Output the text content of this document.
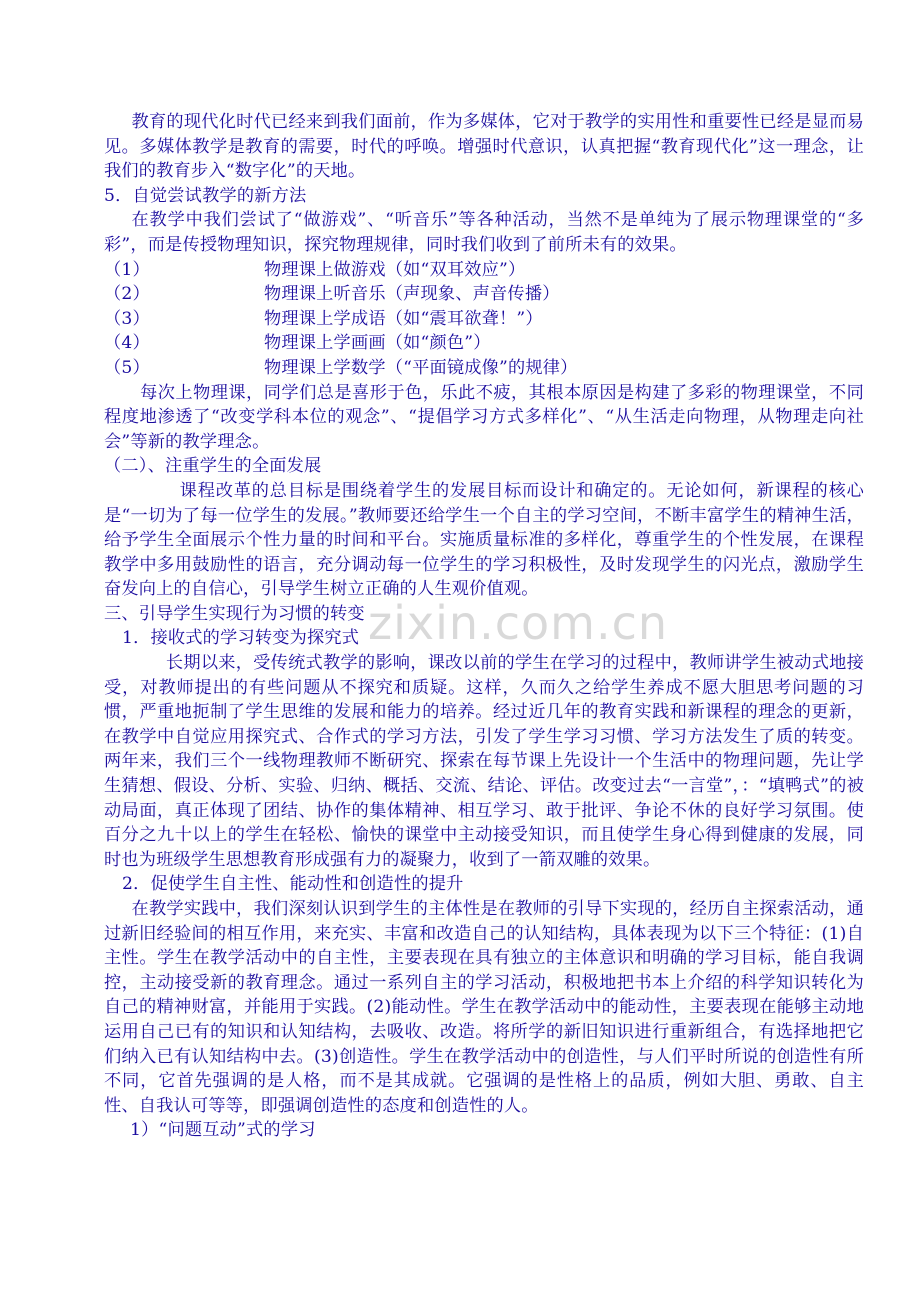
zixin.com.cn

教育的现代化时代已经来到我们面前，作为多媒体，它对于教学的实用性和重要性已经是显而易见。多媒体教学是教育的需要，时代的呼唤。增强时代意识，认真把握“教育现代化”这一理念，让我们的教育步入“数字化”的天地。

5．自觉尝试教学的新方法

在教学中我们尝试了“做游戏”、“听音乐”等各种活动，当然不是单纯为了展示物理课堂的“多彩”，而是传授物理知识，探究物理规律，同时我们收到了前所未有的效果。

（1）	物理课上做游戏（如“双耳效应”）
（2）	物理课上听音乐（声现象、声音传播）
（3）	物理课上学成语（如“震耳欲聋！”）
（4）	物理课上学画画（如“颜色”）
（5）	物理课上学数学（“平面镜成像”的规律）

每次上物理课，同学们总是喜形于色，乐此不疲，其根本原因是构建了多彩的物理课堂，不同程度地渗透了“改变学科本位的观念”、“提倡学习方式多样化”、“从生活走向物理，从物理走向社会”等新的教学理念。

（二）、注重学生的全面发展

课程改革的总目标是围绕着学生的发展目标而设计和确定的。无论如何，新课程的核心是“一切为了每一位学生的发展。”教师要还给学生一个自主的学习空间，不断丰富学生的精神生活，给予学生全面展示个性力量的时间和平台。实施质量标准的多样化，尊重学生的个性发展，在课程教学中多用鼓励性的语言，充分调动每一位学生的学习积极性，及时发现学生的闪光点，激励学生奋发向上的自信心，引导学生树立正确的人生观价值观。

三、引导学生实现行为习惯的转变

1．接收式的学习转变为探究式

长期以来，受传统式教学的影响，课改以前的学生在学习的过程中，教师讲学生被动式地接受，对教师提出的有些问题从不探究和质疑。这样，久而久之给学生养成不愿大胆思考问题的习惯，严重地扼制了学生思维的发展和能力的培养。经过近几年的教育实践和新课程的理念的更新，在教学中自觉应用探究式、合作式的学习方法，引发了学生学习习惯、学习方法发生了质的转变。两年来，我们三个一线物理教师不断研究、探索在每节课上先设计一个生活中的物理问题，先让学生猜想、假设、分析、实验、归纳、概括、交流、结论、评估。改变过去“一言堂”，：“填鸭式”的被动局面，真正体现了团结、协作的集体精神、相互学习、敢于批评、争论不休的良好学习氛围。使百分之九十以上的学生在轻松、愉快的课堂中主动接受知识，而且使学生身心得到健康的发展，同时也为班级学生思想教育形成强有力的凝聚力，收到了一箭双雕的效果。

2．促使学生自主性、能动性和创造性的提升

在教学实践中，我们深刻认识到学生的主体性是在教师的引导下实现的，经历自主探索活动，通过新旧经验间的相互作用，来充实、丰富和改造自己的认知结构，具体表现为以下三个特征：(1)自主性。学生在教学活动中的自主性，主要表现在具有独立的主体意识和明确的学习目标，能自我调控，主动接受新的教育理念。通过一系列自主的学习活动，积极地把书本上介绍的科学知识转化为自己的精神财富，并能用于实践。(2)能动性。学生在教学活动中的能动性，主要表现在能够主动地运用自己已有的知识和认知结构，去吸收、改造。将所学的新旧知识进行重新组合，有选择地把它们纳入已有认知结构中去。(3)创造性。学生在教学活动中的创造性，与人们平时所说的创造性有所不同，它首先强调的是人格，而不是其成就。它强调的是性格上的品质，例如大胆、勇敢、自主性、自我认可等等，即强调创造性的态度和创造性的人。

1）“问题互动”式的学习
